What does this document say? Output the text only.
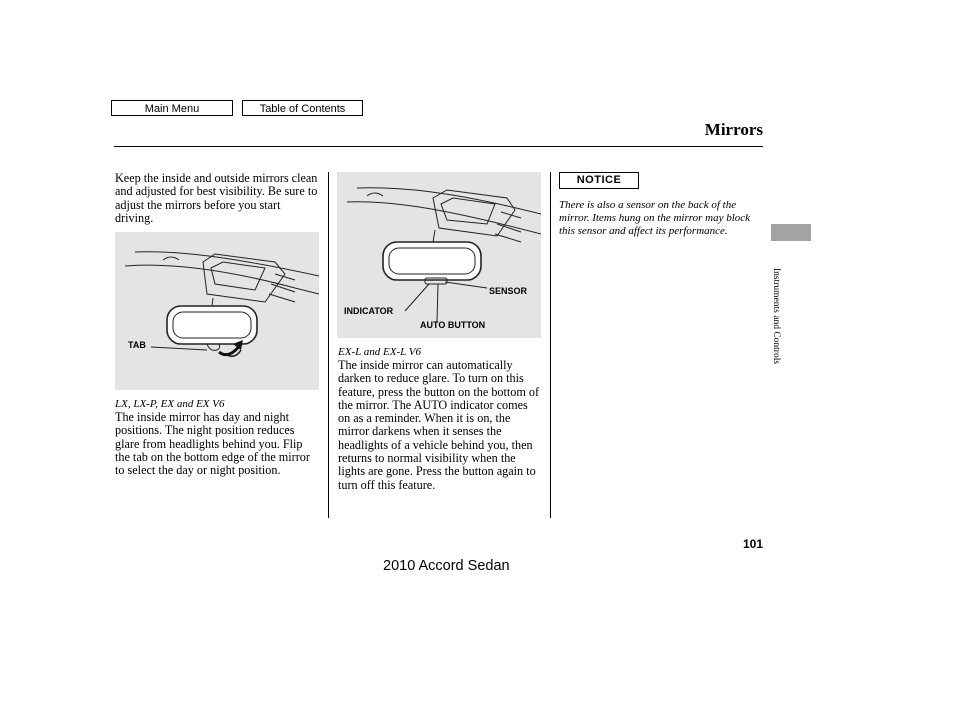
Main Menu	Table of Contents
Mirrors
Keep the inside and outside mirrors clean and adjusted for best visibility. Be sure to adjust the mirrors before you start driving.
TAB
LX, LX-P, EX and EX V6
The inside mirror has day and night positions. The night position reduces glare from headlights behind you. Flip the tab on the bottom edge of the mirror to select the day or night position.
INDICATOR
AUTO BUTTON
SENSOR
EX-L and EX-L V6
The inside mirror can automatically darken to reduce glare. To turn on this feature, press the button on the bottom of the mirror. The AUTO indicator comes on as a reminder. When it is on, the mirror darkens when it senses the headlights of a vehicle behind you, then returns to normal visibility when the lights are gone. Press the button again to turn off this feature.
NOTICE
There is also a sensor on the back of the mirror. Items hung on the mirror may block this sensor and affect its performance.
Instruments and Controls
101
2010 Accord Sedan
